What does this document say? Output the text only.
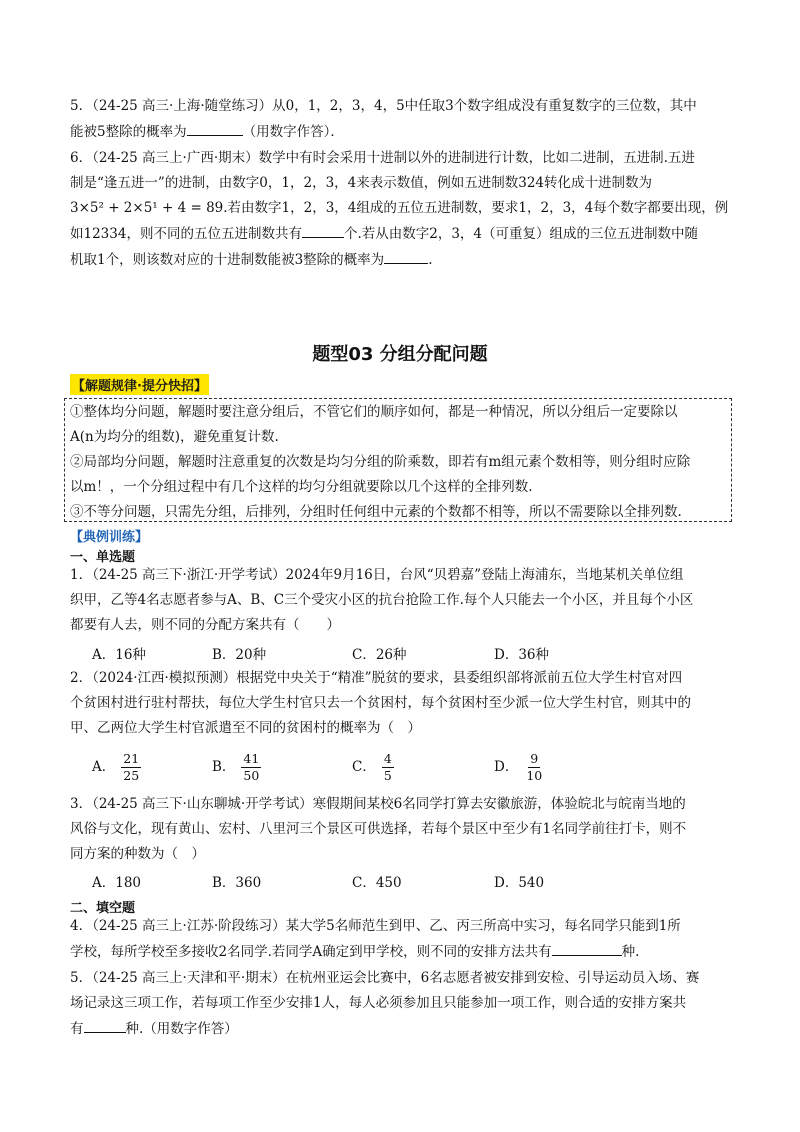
5．（24-25 高三·上海·随堂练习）从0，1，2，3，4，5中任取3个数字组成没有重复数字的三位数，其中
能被5整除的概率为	（用数字作答）．
6．（24-25 高三上·广西·期末）数学中有时会采用十进制以外的进制进行计数，比如二进制，五进制.五进
制是“逢五进一”的进制，由数字0，1，2，3，4来表示数值，例如五进制数324转化成十进制数为
3×5² + 2×5¹ + 4 = 89.若由数字1，2，3，4组成的五位五进制数，要求1，2，3，4每个数字都要出现，例
如12334，则不同的五位五进制数共有	个.若从由数字2，3，4（可重复）组成的三位五进制数中随
机取1个，则该数对应的十进制数能被3整除的概率为	.
题型03 分组分配问题
【解题规律·提分快招】
①整体均分问题，解题时要注意分组后，不管它们的顺序如何，都是一种情况，所以分组后一定要除以
A(n为均分的组数)，避免重复计数.
②局部均分问题，解题时注意重复的次数是均匀分组的阶乘数，即若有m组元素个数相等，则分组时应除
以m！，一个分组过程中有几个这样的均匀分组就要除以几个这样的全排列数.
③不等分问题，只需先分组，后排列，分组时任何组中元素的个数都不相等，所以不需要除以全排列数.
【典例训练】
一、单选题
1．（24-25 高三下·浙江·开学考试）2024年9月16日，台风“贝碧嘉”登陆上海浦东，当地某机关单位组
织甲，乙等4名志愿者参与A、B、C三个受灾小区的抗台抢险工作.每个人只能去一个小区，并且每个小区
都要有人去，则不同的分配方案共有（　　）
A．16种	B．20种	C．26种	D．36种
2．（2024·江西·模拟预测）根据党中央关于“精准”脱贫的要求，县委组织部将派前五位大学生村官对四
个贫困村进行驻村帮扶，每位大学生村官只去一个贫困村，每个贫困村至少派一位大学生村官，则其中的
甲、乙两位大学生村官派遣至不同的贫困村的概率为（　）
A． $\frac{21}{25}$	B． $\frac{41}{50}$	C． $\frac{4}{5}$	D． $\frac{9}{10}$
3．（24-25 高三下·山东聊城·开学考试）寒假期间某校6名同学打算去安徽旅游，体验皖北与皖南当地的
风俗与文化，现有黄山、宏村、八里河三个景区可供选择，若每个景区中至少有1名同学前往打卡，则不
同方案的种数为（　）
A．180	B．360	C．450	D．540
二、填空题
4．（24-25 高三上·江苏·阶段练习）某大学5名师范生到甲、乙、丙三所高中实习，每名同学只能到1所
学校，每所学校至多接收2名同学.若同学A确定到甲学校，则不同的安排方法共有	种.
5．（24-25 高三上·天津和平·期末）在杭州亚运会比赛中，6名志愿者被安排到安检、引导运动员入场、赛
场记录这三项工作，若每项工作至少安排1人，每人必须参加且只能参加一项工作，则合适的安排方案共
有	种.（用数字作答）
